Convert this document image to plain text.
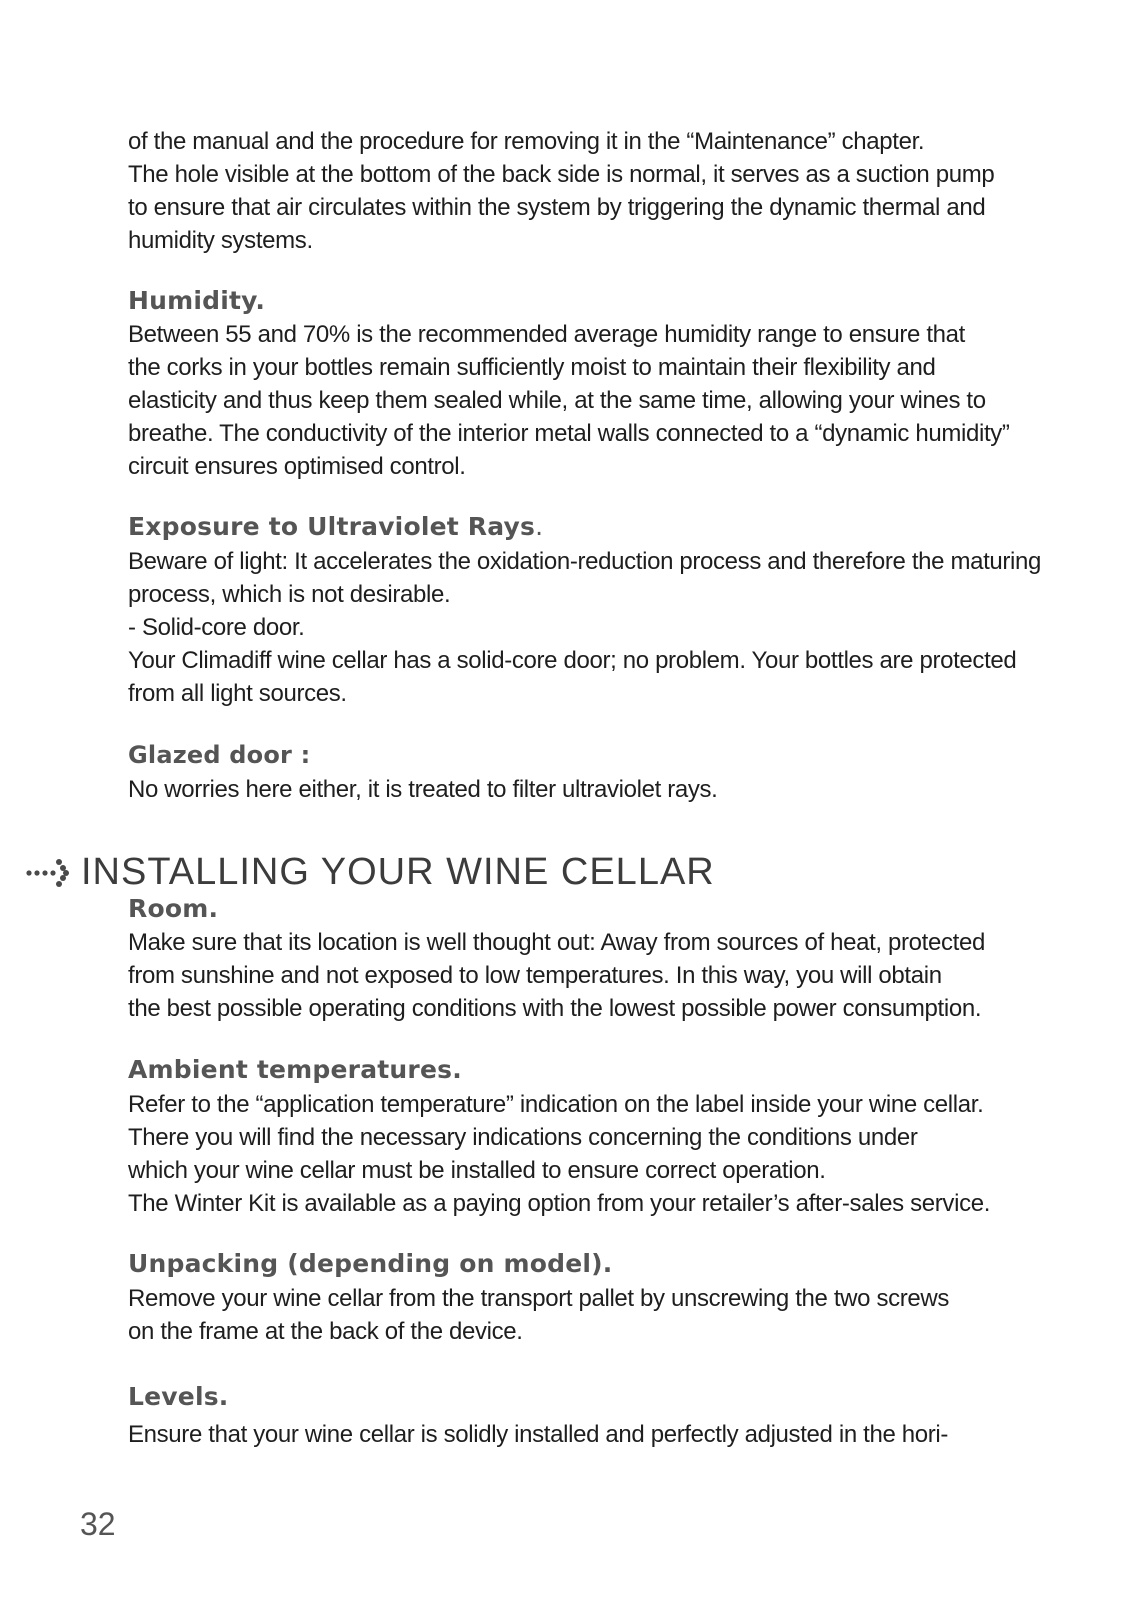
of the manual and the procedure for removing it in the “Maintenance” chapter.

The hole visible at the bottom of the back side is normal, it serves as a suction pump

to ensure that air circulates within the system by triggering the dynamic thermal and

humidity systems.

Humidity.

Between 55 and 70% is the recommended average humidity range to ensure that

the corks in your bottles remain sufficiently moist to maintain their flexibility and

elasticity and thus keep them sealed while, at the same time, allowing your wines to

breathe. The conductivity of the interior metal walls connected to a “dynamic humidity”

circuit ensures optimised control.

Exposure to Ultraviolet Rays.

Beware of light: It accelerates the oxidation-reduction process and therefore the maturing

process, which is not desirable.

- Solid-core door.

Your Climadiff wine cellar has a solid-core door; no problem. Your bottles are protected

from all light sources.

Glazed door :

No worries here either, it is treated to filter ultraviolet rays.

INSTALLING YOUR WINE CELLAR
Room.

Make sure that its location is well thought out: Away from sources of heat, protected

from sunshine and not exposed to low temperatures. In this way, you will obtain

the best possible operating conditions with the lowest possible power consumption.

Ambient temperatures.

Refer to the “application temperature” indication on the label inside your wine cellar.

There you will find the necessary indications concerning the conditions under

which your wine cellar must be installed to ensure correct operation.

The Winter Kit is available as a paying option from your retailer’s after-sales service.

Unpacking (depending on model).

Remove your wine cellar from the transport pallet by unscrewing the two screws

on the frame at the back of the device.

Levels.

Ensure that your wine cellar is solidly installed and perfectly adjusted in the hori-

32
